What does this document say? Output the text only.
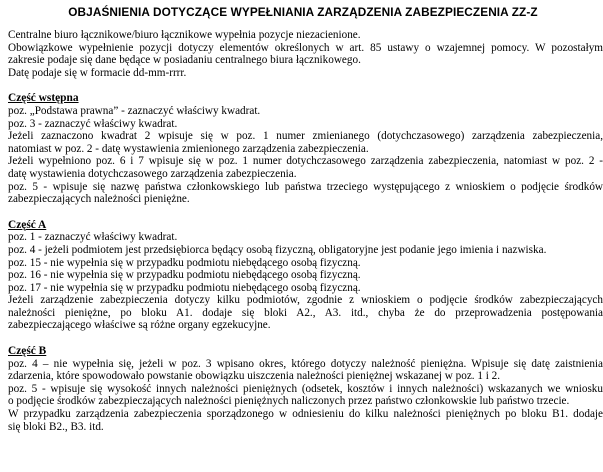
OBJAŚNIENIA DOTYCZĄCE WYPEŁNIANIA ZARZĄDZENIA ZABEZPIECZENIA ZZ-Z
Centralne biuro łącznikowe/biuro łącznikowe wypełnia pozycje niezacienione.
Obowiązkowe wypełnienie pozycji dotyczy elementów określonych w art. 85 ustawy o wzajemnej pomocy. W pozostałym
zakresie podaje się dane będące w posiadaniu centralnego biura łącznikowego.
Datę podaje się w formacie dd-mm-rrrr.
Część wstępna
poz. „Podstawa prawna” - zaznaczyć właściwy kwadrat.
poz. 3 - zaznaczyć właściwy kwadrat.
Jeżeli zaznaczono kwadrat 2 wpisuje się w poz. 1 numer zmienianego (dotychczasowego) zarządzenia zabezpieczenia,
natomiast w poz. 2 - datę wystawienia zmienionego zarządzenia zabezpieczenia.
Jeżeli wypełniono poz. 6 i 7 wpisuje się w poz. 1 numer dotychczasowego zarządzenia zabezpieczenia, natomiast w poz. 2 -
datę wystawienia dotychczasowego zarządzenia zabezpieczenia.
poz. 5 - wpisuje się nazwę państwa członkowskiego lub państwa trzeciego występującego z wnioskiem o podjęcie środków
zabezpieczających należności pieniężne.
Część A
poz. 1 - zaznaczyć właściwy kwadrat.
poz. 4 - jeżeli podmiotem jest przedsiębiorca będący osobą fizyczną, obligatoryjne jest podanie jego imienia i nazwiska.
poz. 15 - nie wypełnia się w przypadku podmiotu niebędącego osobą fizyczną.
poz. 16 - nie wypełnia się w przypadku podmiotu niebędącego osobą fizyczną.
poz. 17 - nie wypełnia się w przypadku podmiotu niebędącego osobą fizyczną.
Jeżeli zarządzenie zabezpieczenia dotyczy kilku podmiotów, zgodnie z wnioskiem o podjęcie środków zabezpieczających
należności pieniężne, po bloku A1. dodaje się bloki A2., A3. itd., chyba że do przeprowadzenia postępowania
zabezpieczającego właściwe są różne organy egzekucyjne.
Część B
poz. 4 – nie wypełnia się, jeżeli w poz. 3 wpisano okres, którego dotyczy należność pieniężna. Wpisuje się datę zaistnienia
zdarzenia, które spowodowało powstanie obowiązku uiszczenia należności pieniężnej wskazanej w poz. 1 i 2.
poz. 5 - wpisuje się wysokość innych należności pieniężnych (odsetek, kosztów i innych należności) wskazanych we wniosku
o podjęcie środków zabezpieczających należności pieniężnych naliczonych przez państwo członkowskie lub państwo trzecie.
W przypadku zarządzenia zabezpieczenia sporządzonego w odniesieniu do kilku należności pieniężnych po bloku B1. dodaje
się bloki B2., B3. itd.
